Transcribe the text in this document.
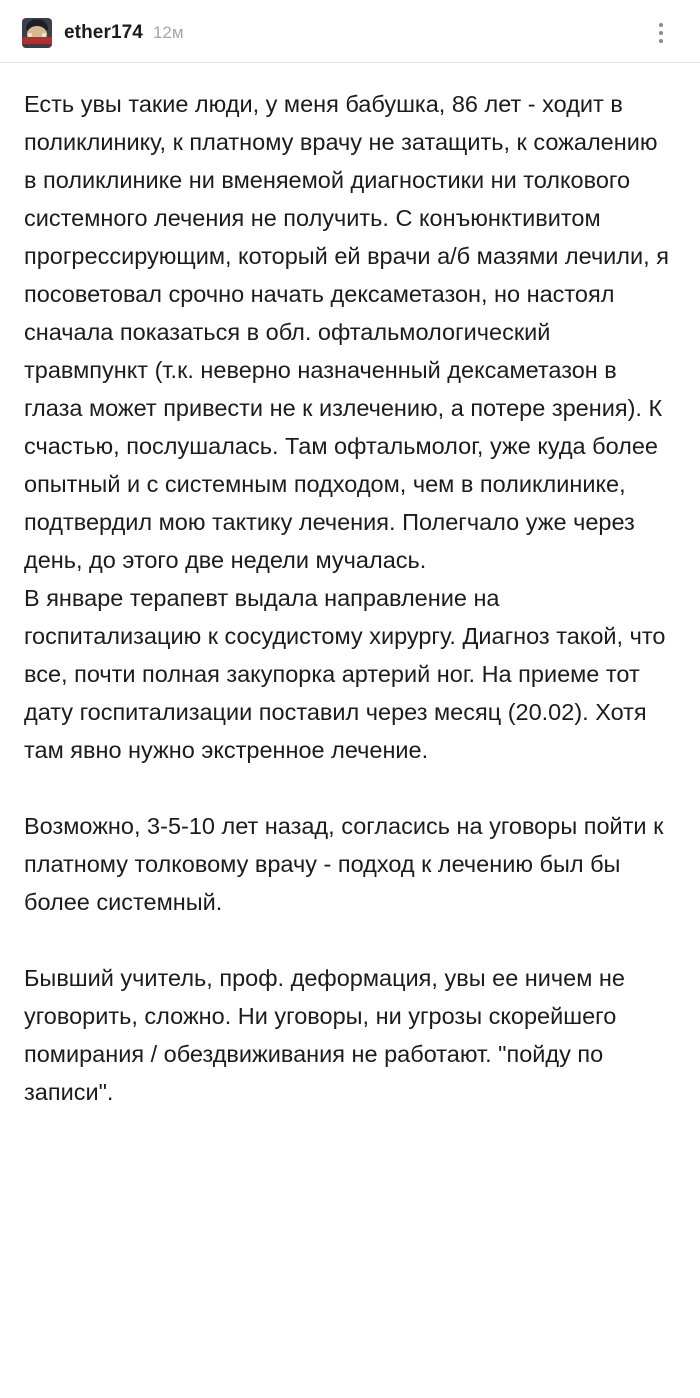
ether174 12м

Есть увы такие люди, у меня бабушка, 86 лет - ходит в поликлинику, к платному врачу не затащить, к сожалению в поликлинике ни вменяемой диагностики ни толкового системного лечения не получить. С конъюнктивитом прогрессирующим, который ей врачи а/б мазями лечили, я посоветовал срочно начать дексаметазон, но настоял сначала показаться в обл. офтальмологический травмпункт (т.к. неверно назначенный дексаметазон в глаза может привести не к излечению, а потере зрения). К счастью, послушалась. Там офтальмолог, уже куда более опытный и с системным подходом, чем в поликлинике, подтвердил мою тактику лечения. Полегчало уже через день, до этого две недели мучалась.

В январе терапевт выдала направление на госпитализацию к сосудистому хирургу. Диагноз такой, что все, почти полная закупорка артерий ног. На приеме тот дату госпитализации поставил через месяц (20.02). Хотя там явно нужно экстренное лечение.

Возможно, 3-5-10 лет назад, согласись на уговоры пойти к платному толковому врачу - подход к лечению был бы более системный.

Бывший учитель, проф. деформация, увы ее ничем не уговорить, сложно. Ни уговоры, ни угрозы скорейшего помирания / обездвиживания не работают. "пойду по записи".
